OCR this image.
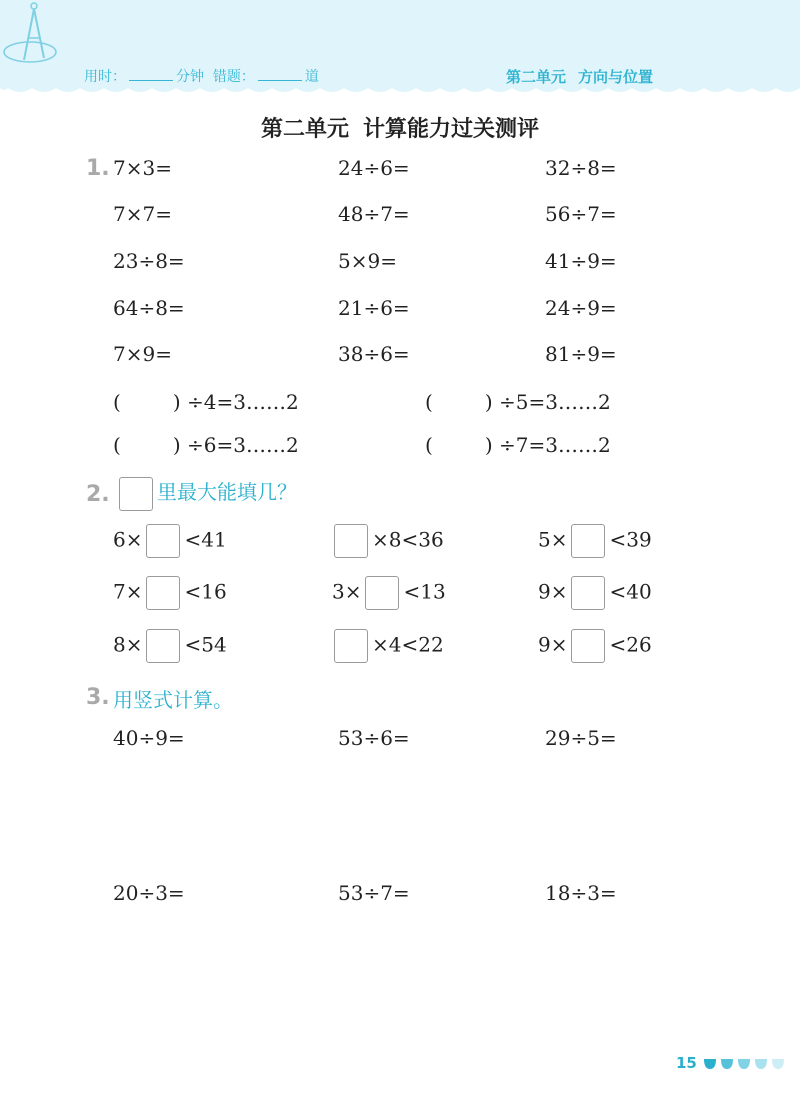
用时：	分钟 错题：	道	第二单元 方向与位置
第二单元 计算能力过关测评
1. 7×3=	24÷6=	32÷8=
7×7=	48÷7=	56÷7=
23÷8=	5×9=	41÷9=
64÷8=	21÷6=	24÷9=
7×9=	38÷6=	81÷9=
(	) ÷4=3……2	(	) ÷5=3……2
(	) ÷6=3……2	(	) ÷7=3……2
2.	里最大能填几？
6× <41	×8<36	5× <39
7× <16	3× <13	9× <40
8× <54	×4<22	9× <26
3. 用竖式计算。
40÷9=	53÷6=	29÷5=
20÷3=	53÷7=	18÷3=
15
